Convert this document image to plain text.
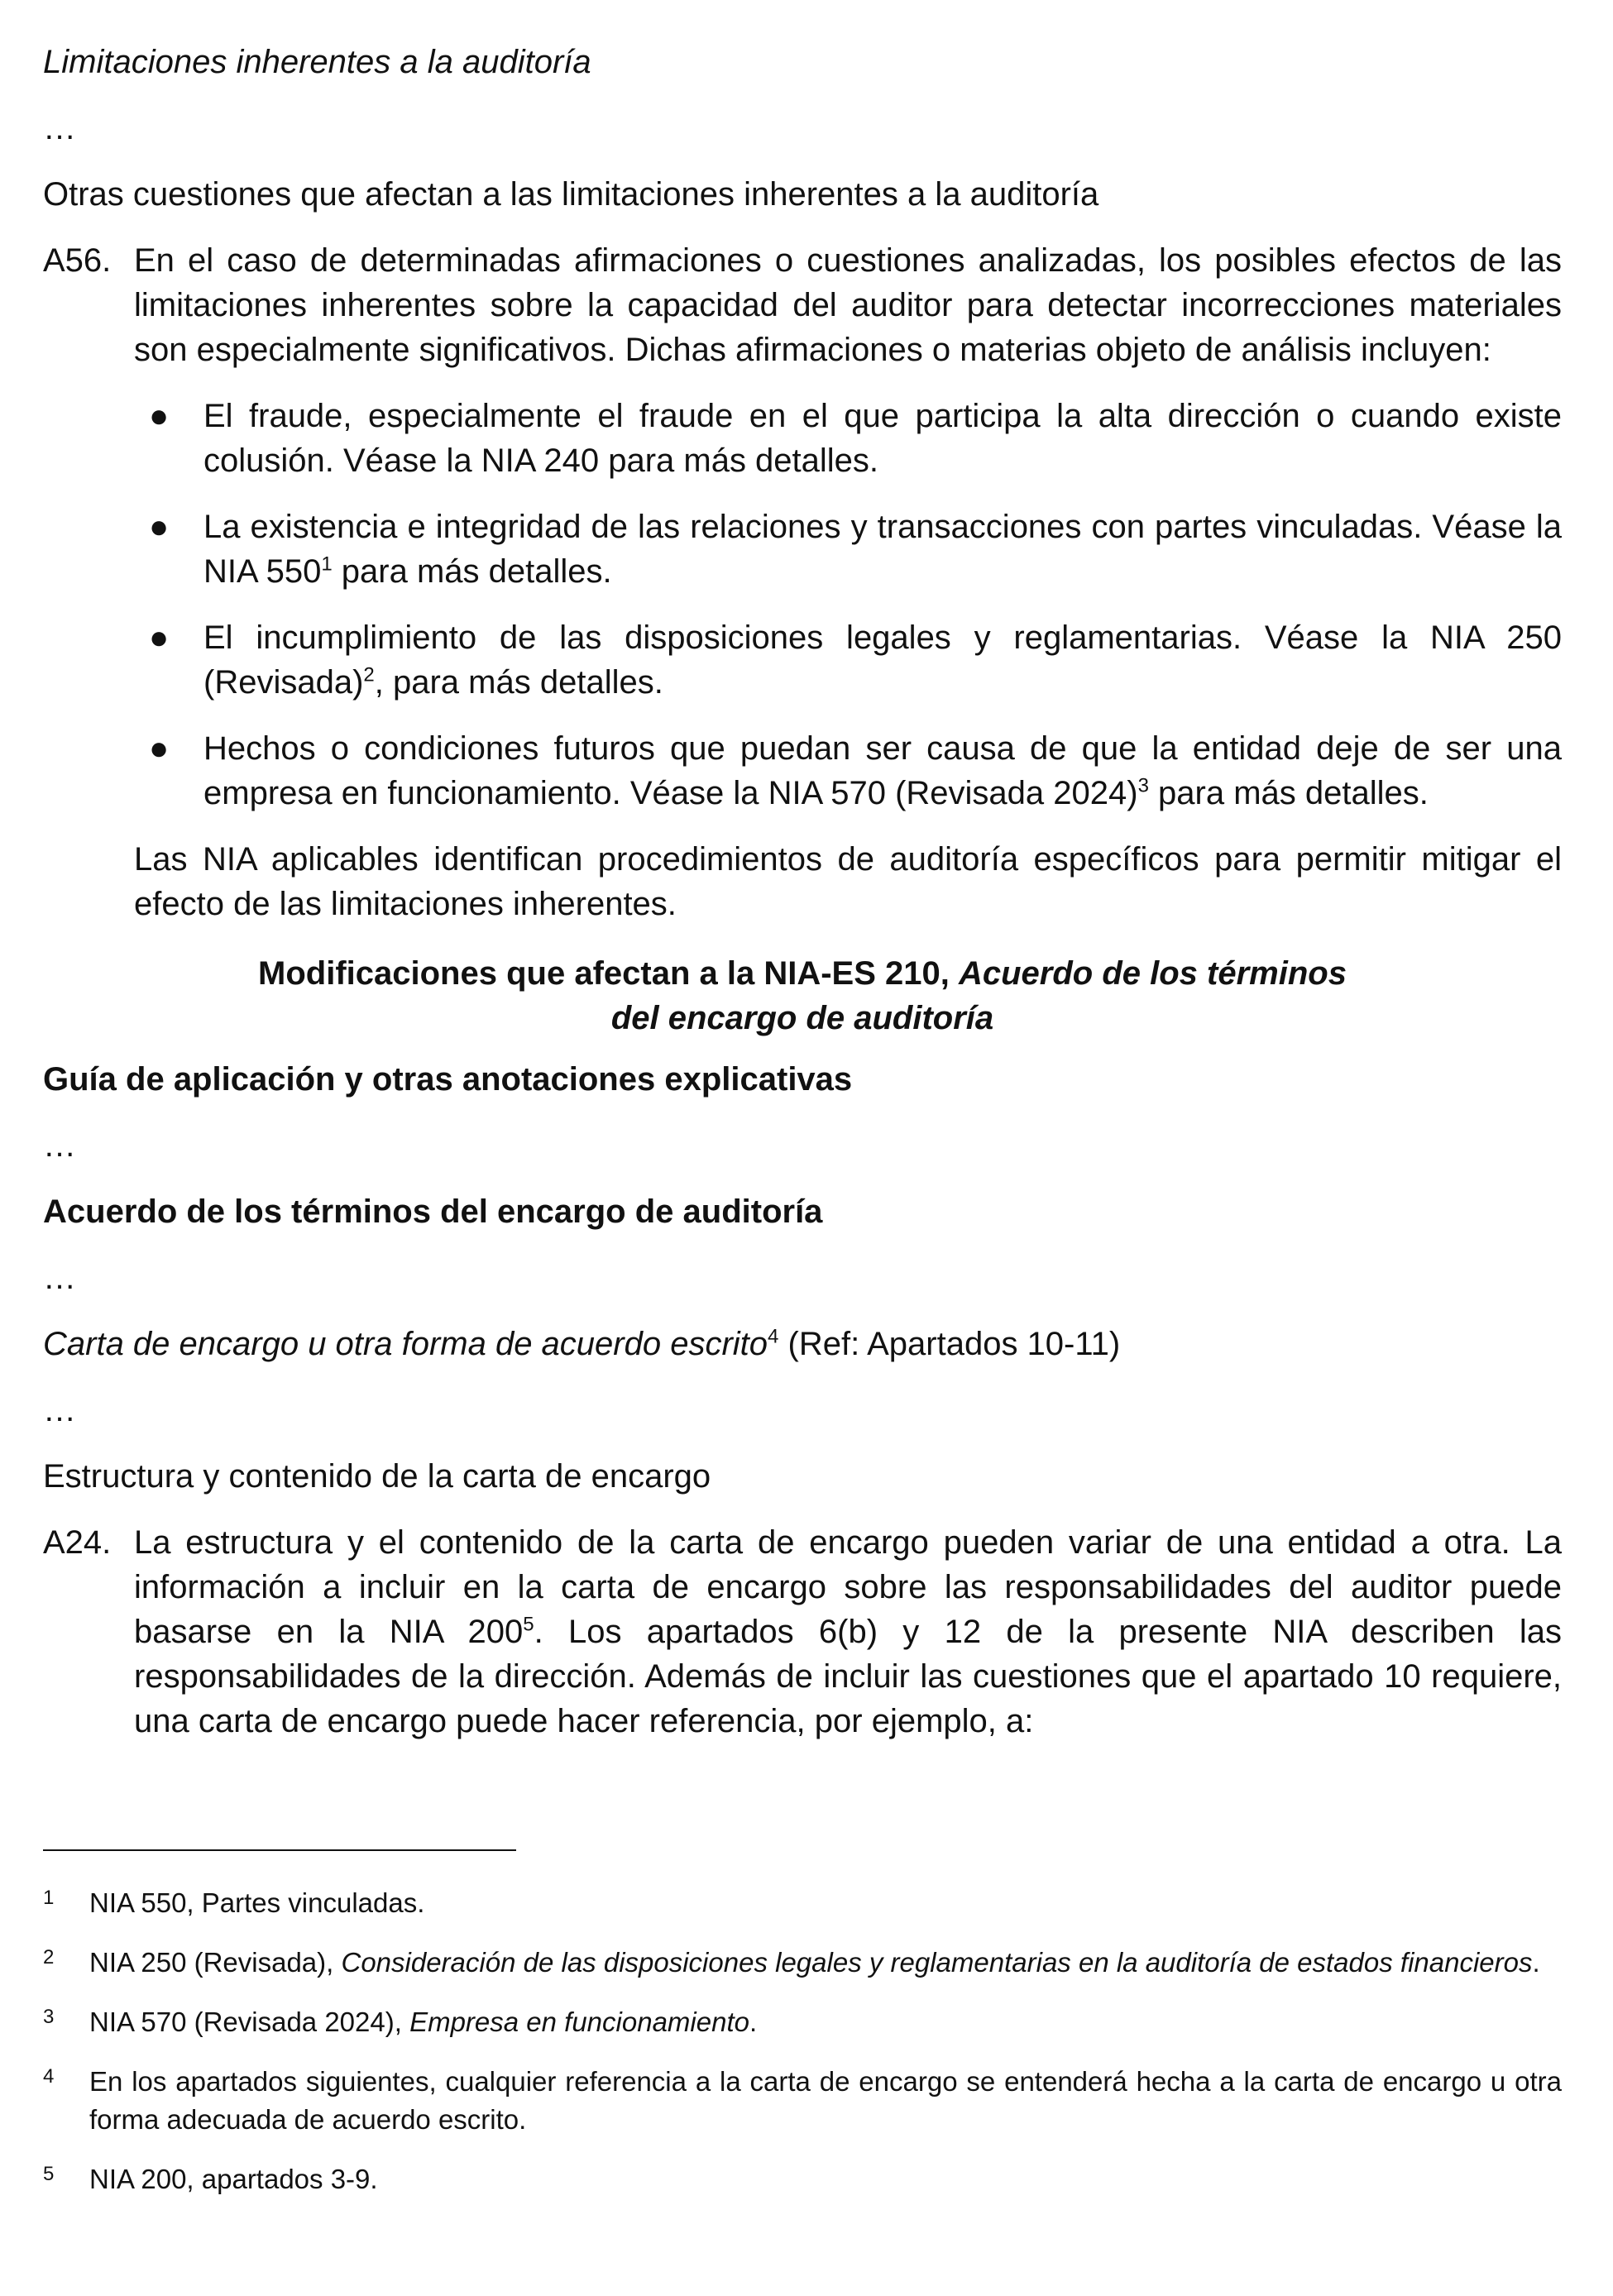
Limitaciones inherentes a la auditoría

…

Otras cuestiones que afectan a las limitaciones inherentes a la auditoría

A56. En el caso de determinadas afirmaciones o cuestiones analizadas, los posibles efectos de las limitaciones inherentes sobre la capacidad del auditor para detectar incorrecciones materiales son especialmente significativos. Dichas afirmaciones o materias objeto de análisis incluyen:
●	El fraude, especialmente el fraude en el que participa la alta dirección o cuando existe colusión. Véase la NIA 240 para más detalles.
●	La existencia e integridad de las relaciones y transacciones con partes vinculadas. Véase la NIA $550^1$ para más detalles.
●	El incumplimiento de las disposiciones legales y reglamentarias. Véase la NIA 250 (Revisada)$^2$, para más detalles.
●	Hechos o condiciones futuros que puedan ser causa de que la entidad deje de ser una empresa en funcionamiento. Véase la NIA 570 (Revisada 2024)$^3$ para más detalles.
Las NIA aplicables identifican procedimientos de auditoría específicos para permitir mitigar el efecto de las limitaciones inherentes.
Modificaciones que afectan a la NIA-ES 210, Acuerdo de los términos
del encargo de auditoría

Guía de aplicación y otras anotaciones explicativas

…

Acuerdo de los términos del encargo de auditoría

…

Carta de encargo u otra forma de acuerdo escrito$^4$ (Ref: Apartados 10-11)

…

Estructura y contenido de la carta de encargo

A24. La estructura y el contenido de la carta de encargo pueden variar de una entidad a otra. La información a incluir en la carta de encargo sobre las responsabilidades del auditor puede basarse en la NIA $200^5$. Los apartados 6(b) y 12 de la presente NIA describen las responsabilidades de la dirección. Además de incluir las cuestiones que el apartado 10 requiere, una carta de encargo puede hacer referencia, por ejemplo, a:
1	NIA 550, Partes vinculadas.
2	NIA 250 (Revisada), Consideración de las disposiciones legales y reglamentarias en la auditoría de estados financieros.
3	NIA 570 (Revisada 2024), Empresa en funcionamiento.
4	En los apartados siguientes, cualquier referencia a la carta de encargo se entenderá hecha a la carta de encargo u otra forma adecuada de acuerdo escrito.
5	NIA 200, apartados 3-9.
